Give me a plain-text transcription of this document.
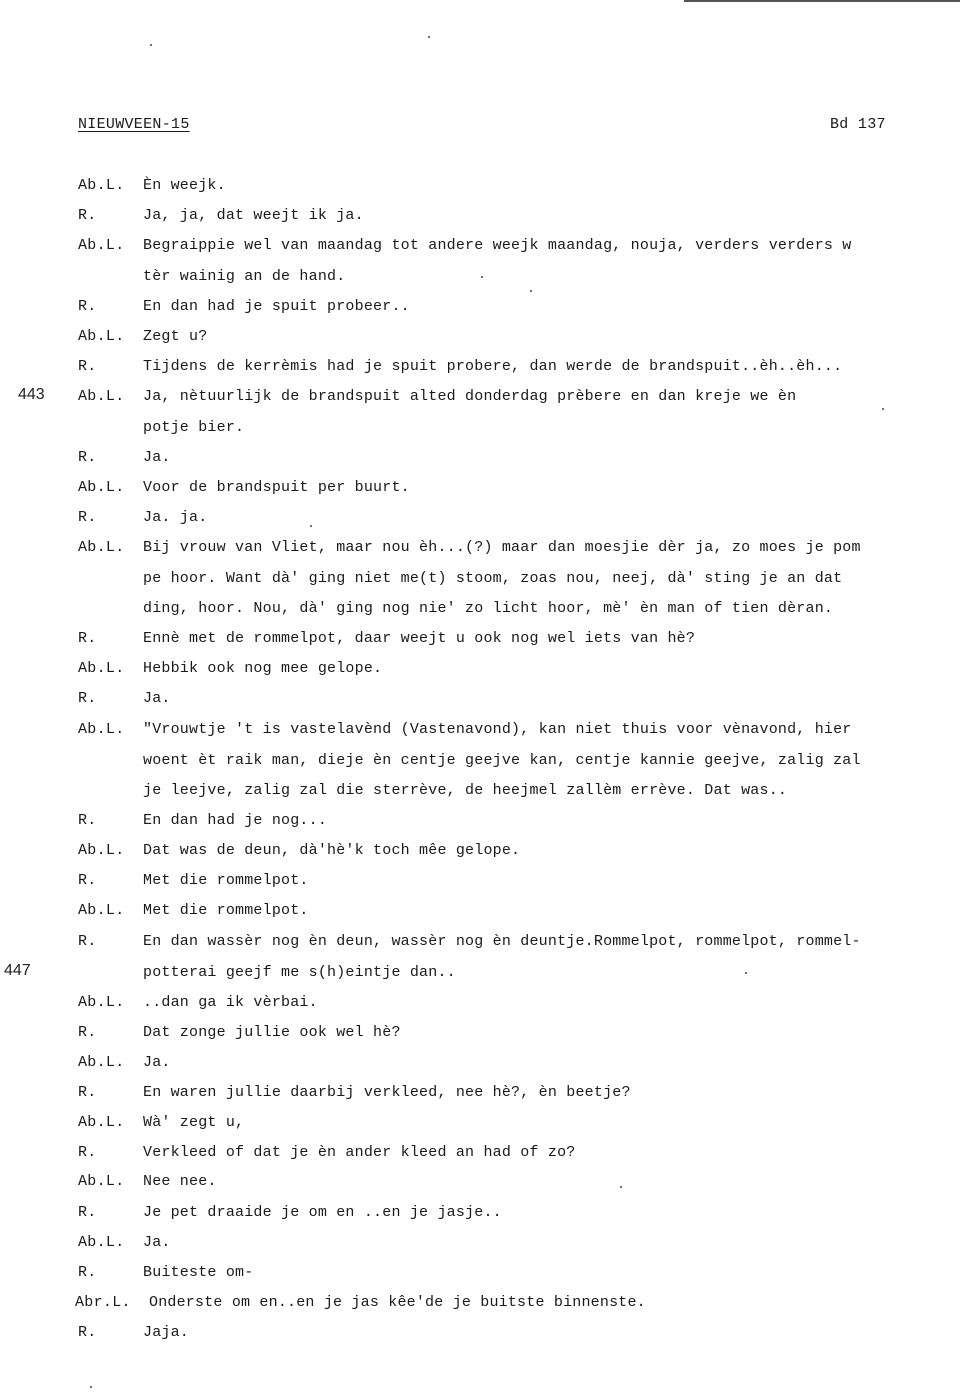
NIEUWVEEN-15	Bd 137
443
447
Ab.L. Èn weejk.
R.	Ja, ja, dat weejt ik ja.
Ab.L. Begraippie wel van maandag tot andere weejk maandag, nouja, verders verders w
tèr wainig an de hand.
R.	En dan had je spuit probeer..
Ab.L. Zegt u?
R.	Tijdens de kerrèmis had je spuit probere, dan werde de brandspuit..èh..èh...
Ab.L. Ja, nètuurlijk de brandspuit alted donderdag prèbere en dan kreje we èn
potje bier.
R.	Ja.
Ab.L. Voor de brandspuit per buurt.
R.	Ja. ja.
Ab.L. Bij vrouw van Vliet, maar nou èh...(?) maar dan moesjie dèr ja, zo moes je pom
pe hoor. Want dà' ging niet me(t) stoom, zoas nou, neej, dà' sting je an dat
ding, hoor. Nou, dà' ging nog nie' zo licht hoor, mè' èn man of tien dèran.
R.	Ennè met de rommelpot, daar weejt u ook nog wel iets van hè?
Ab.L. Hebbik ook nog mee gelope.
R.	Ja.
Ab.L. "Vrouwtje 't is vastelavènd (Vastenavond), kan niet thuis voor vènavond, hier
woent èt raik man, dieje èn centje geejve kan, centje kannie geejve, zalig zal
je leejve, zalig zal die sterrève, de heejmel zallèm errève. Dat was..
R.	En dan had je nog...
Ab.L. Dat was de deun, dà'hè'k toch mêe gelope.
R.	Met die rommelpot.
Ab.L. Met die rommelpot.
R.	En dan wassèr nog èn deun, wassèr nog èn deuntje.Rommelpot, rommelpot, rommel-
potterai geejf me s(h)eintje dan..
Ab.L. ..dan ga ik vèrbai.
R.	Dat zonge jullie ook wel hè?
Ab.L. Ja.
R.	En waren jullie daarbij verkleed, nee hè?, èn beetje?
Ab.L. Wà' zegt u,
R.	Verkleed of dat je èn ander kleed an had of zo?
Ab.L. Nee nee.
R.	Je pet draaide je om en ..en je jasje..
Ab.L. Ja.
R.	Buiteste om-
Abr.L. Onderste om en..en je jas kêe'de je buitste binnenste.
R.	Jaja.
